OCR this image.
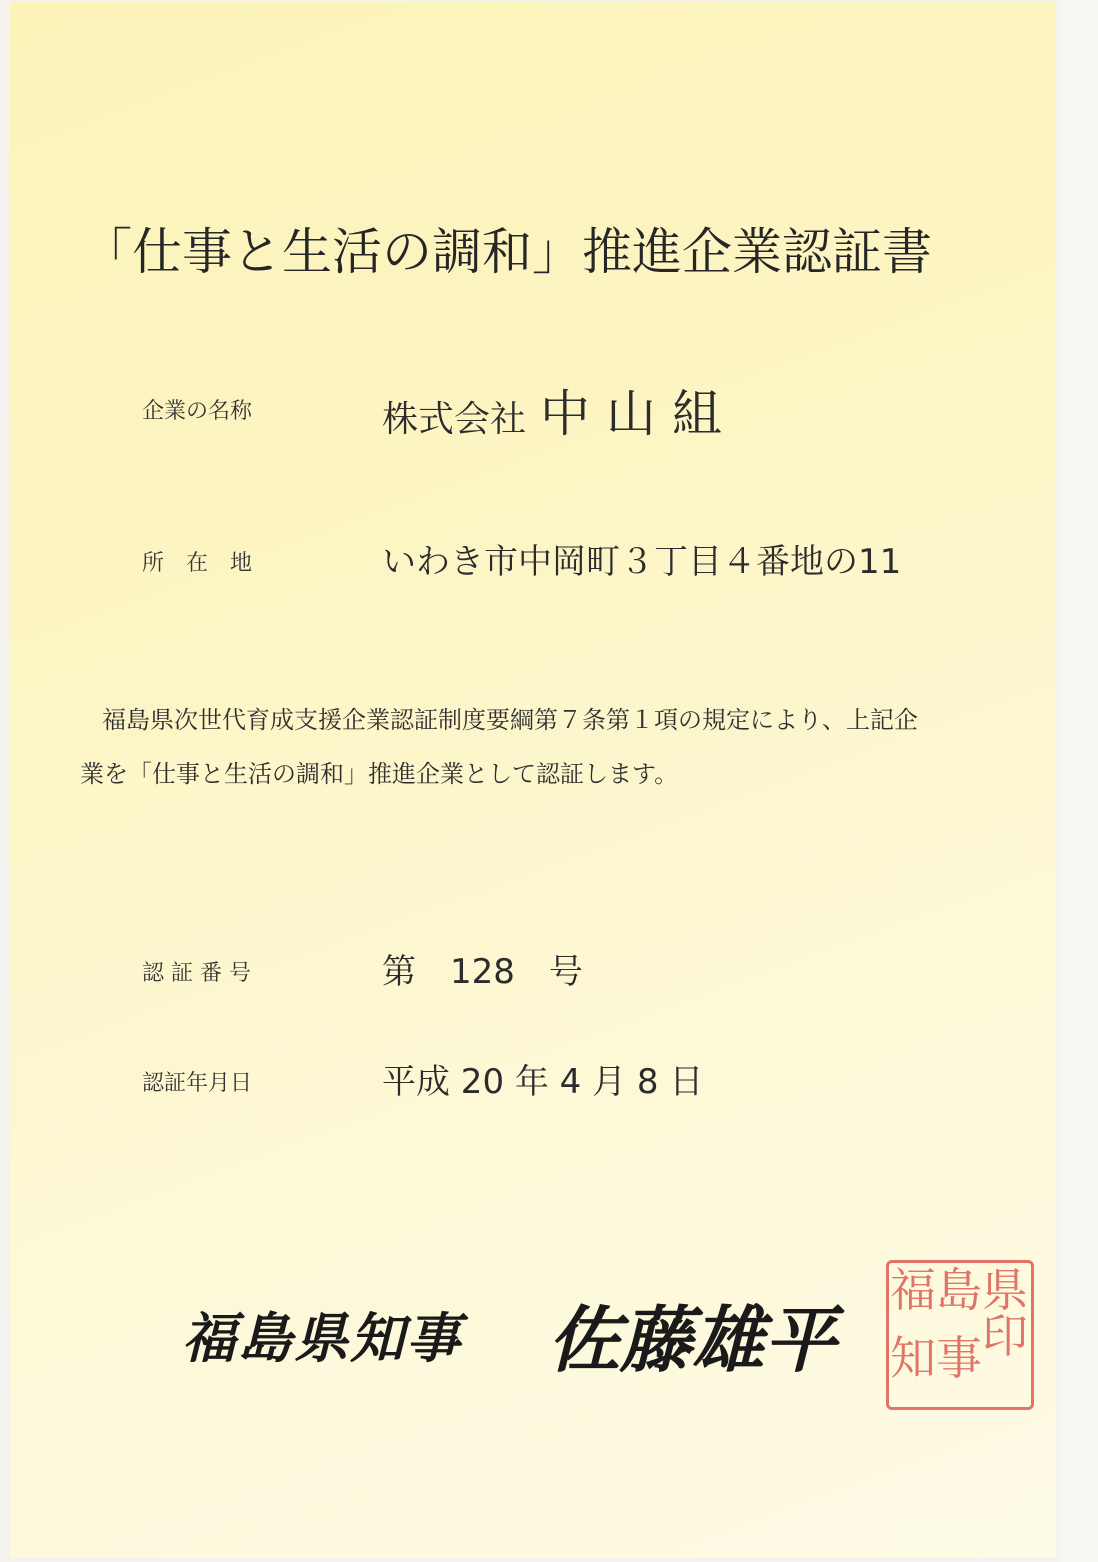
「仕事と生活の調和」推進企業認証書
企業の名称	株式会社 中山組
所　在　地	いわき市中岡町３丁目４番地の11
福島県次世代育成支援企業認証制度要綱第７条第１項の規定により、上記企
業を「仕事と生活の調和」推進企業として認証します。
認 証 番 号	第　128　号
認証年月日	平成 20 年 4 月 8 日
福島県知事 佐藤雄平
県
島
福
印
事
知
